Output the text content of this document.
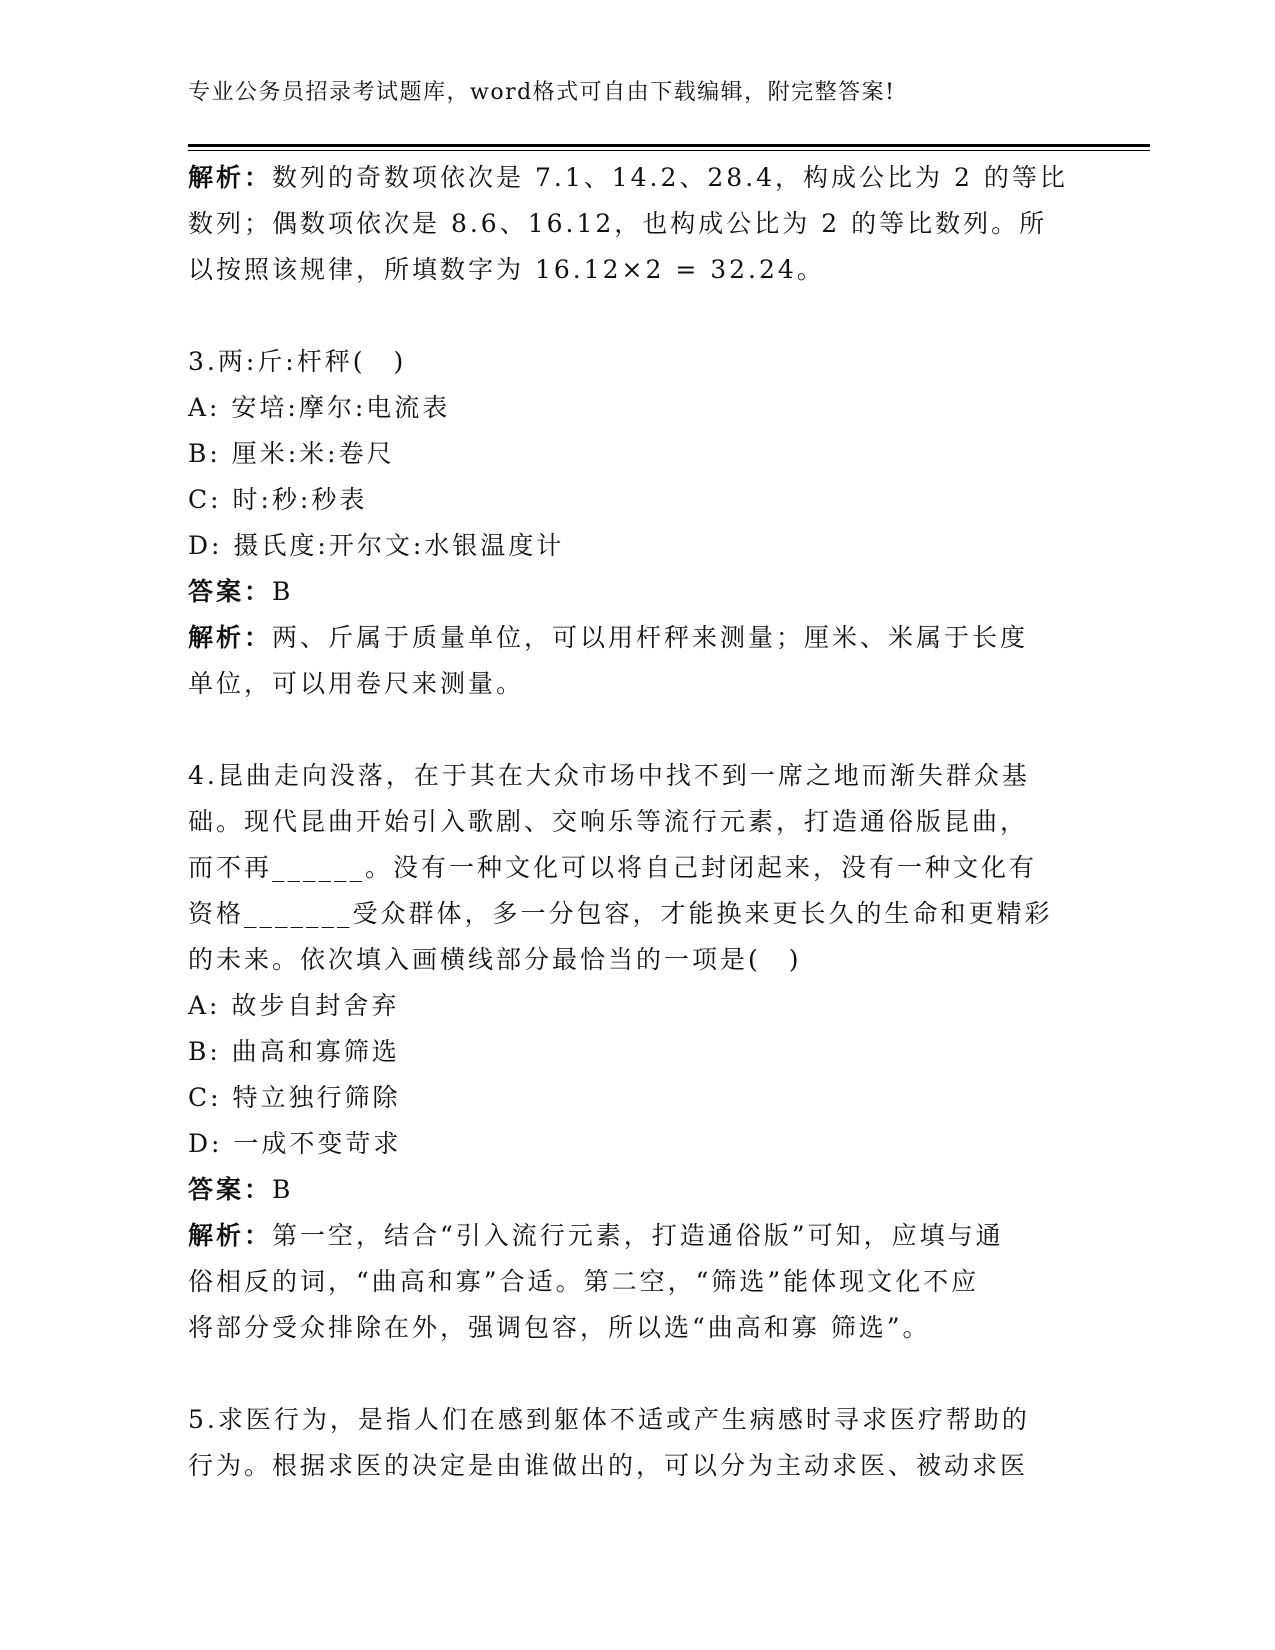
专业公务员招录考试题库，word格式可自由下载编辑，附完整答案!
解析：数列的奇数项依次是 7.1、14.2、28.4，构成公比为 2 的等比
数列；偶数项依次是 8.6、16.12，也构成公比为 2 的等比数列。所
以按照该规律，所填数字为 16.12×2 = 32.24。
3.两:斤:杆秤(　)
A: 安培:摩尔:电流表
B: 厘米:米:卷尺
C: 时:秒:秒表
D: 摄氏度:开尔文:水银温度计
答案：B
解析：两、斤属于质量单位，可以用杆秤来测量；厘米、米属于长度
单位，可以用卷尺来测量。
4.昆曲走向没落，在于其在大众市场中找不到一席之地而渐失群众基
础。现代昆曲开始引入歌剧、交响乐等流行元素，打造通俗版昆曲，
而不再______。没有一种文化可以将自己封闭起来，没有一种文化有
资格_______受众群体，多一分包容，才能换来更长久的生命和更精彩
的未来。依次填入画横线部分最恰当的一项是(　)
A: 故步自封舍弃
B: 曲高和寡筛选
C: 特立独行筛除
D: 一成不变苛求
答案：B
解析：第一空，结合“引入流行元素，打造通俗版”可知，应填与通
俗相反的词，“曲高和寡”合适。第二空，“筛选”能体现文化不应
将部分受众排除在外，强调包容，所以选“曲高和寡 筛选”。
5.求医行为，是指人们在感到躯体不适或产生病感时寻求医疗帮助的
行为。根据求医的决定是由谁做出的，可以分为主动求医、被动求医
